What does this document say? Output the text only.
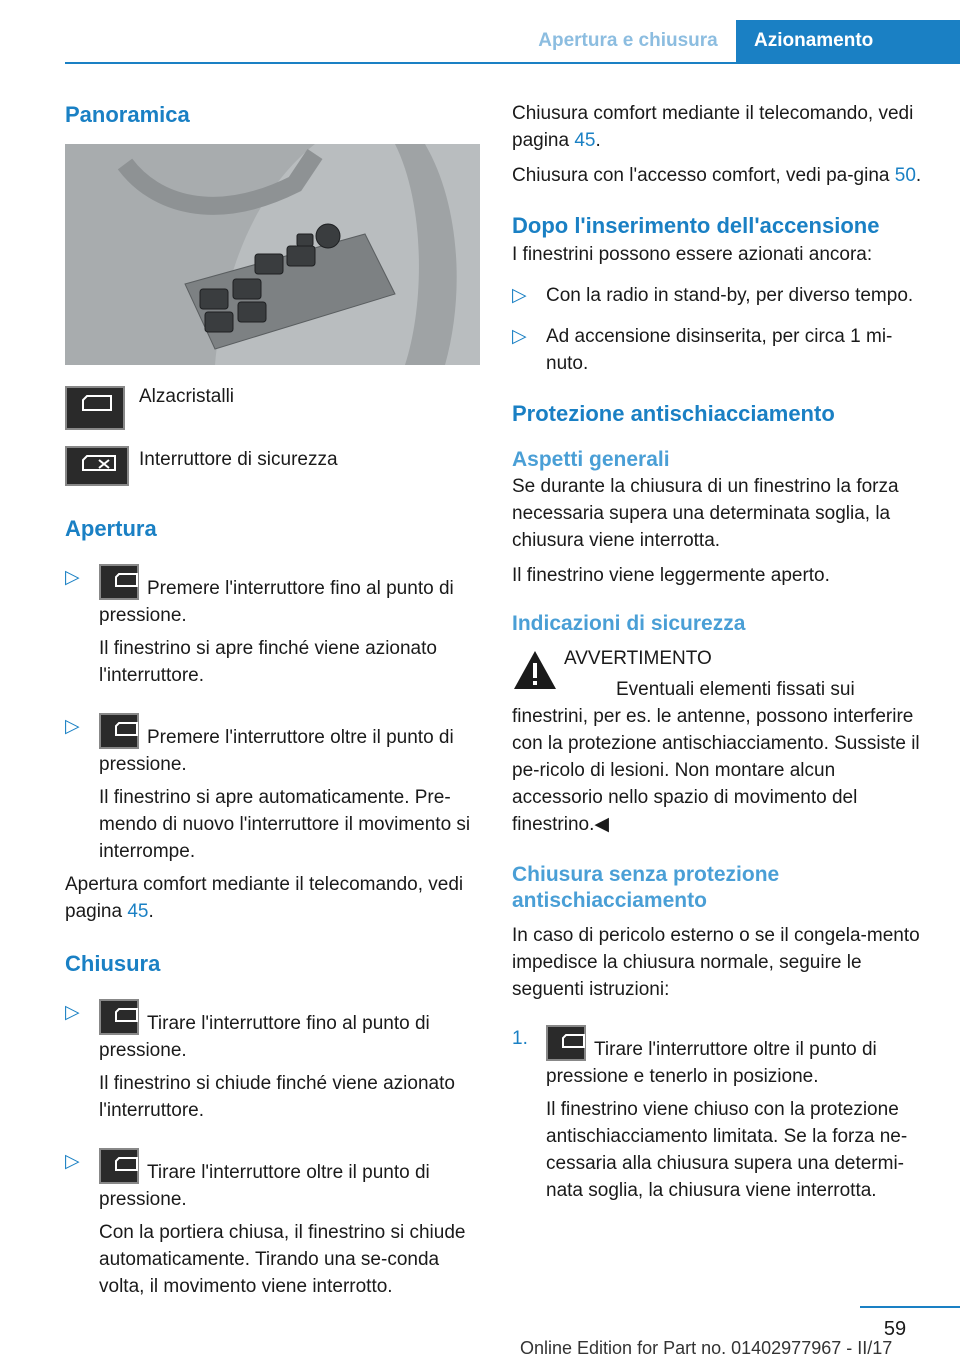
Apertura e chiusura	Azionamento
Panoramica
Alzacristalli
Interruttore di sicurezza
Apertura
▷
Premere l'interruttore fino al punto di pressione.

Il finestrino si apre finché viene azionato l'interruttore.

▷
Premere l'interruttore oltre il punto di pressione.

Il finestrino si apre automaticamente. Pre-mendo di nuovo l'interruttore il movimento si interrompe.

Apertura comfort mediante il telecomando, vedi pagina 45.

Chiusura
▷
Tirare l'interruttore fino al punto di pressione.

Il finestrino si chiude finché viene azionato l'interruttore.

▷
Tirare l'interruttore oltre il punto di pressione.

Con la portiera chiusa, il finestrino si chiude automaticamente. Tirando una se-conda volta, il movimento viene interrotto.

Chiusura comfort mediante il telecomando, vedi pagina 45.

Chiusura con l'accesso comfort, vedi pa-gina 50.

Dopo l'inserimento dell'accensione

I finestrini possono essere azionati ancora:

▷ Con la radio in stand-by, per diverso tempo.
▷ Ad accensione disinserita, per circa 1 mi-nuto.
Protezione antischiacciamento
Aspetti generali

Se durante la chiusura di un finestrino la forza necessaria supera una determinata soglia, la chiusura viene interrotta.

Il finestrino viene leggermente aperto.

Indicazioni di sicurezza
AVVERTIMENTO

Eventuali elementi fissati sui finestrini, per es. le antenne, possono interferire con la protezione antischiacciamento. Sussiste il pe-ricolo di lesioni. Non montare alcun accessorio nello spazio di movimento del finestrino.◀

Chiusura senza protezione antischiacciamento

In caso di pericolo esterno o se il congela-mento impedisce la chiusura normale, seguire le seguenti istruzioni:

1.
Tirare l'interruttore oltre il punto di pressione e tenerlo in posizione.

Il finestrino viene chiuso con la protezione antischiacciamento limitata. Se la forza ne-cessaria alla chiusura supera una determi-nata soglia, la chiusura viene interrotta.

59
Online Edition for Part no. 01402977967 - II/17
